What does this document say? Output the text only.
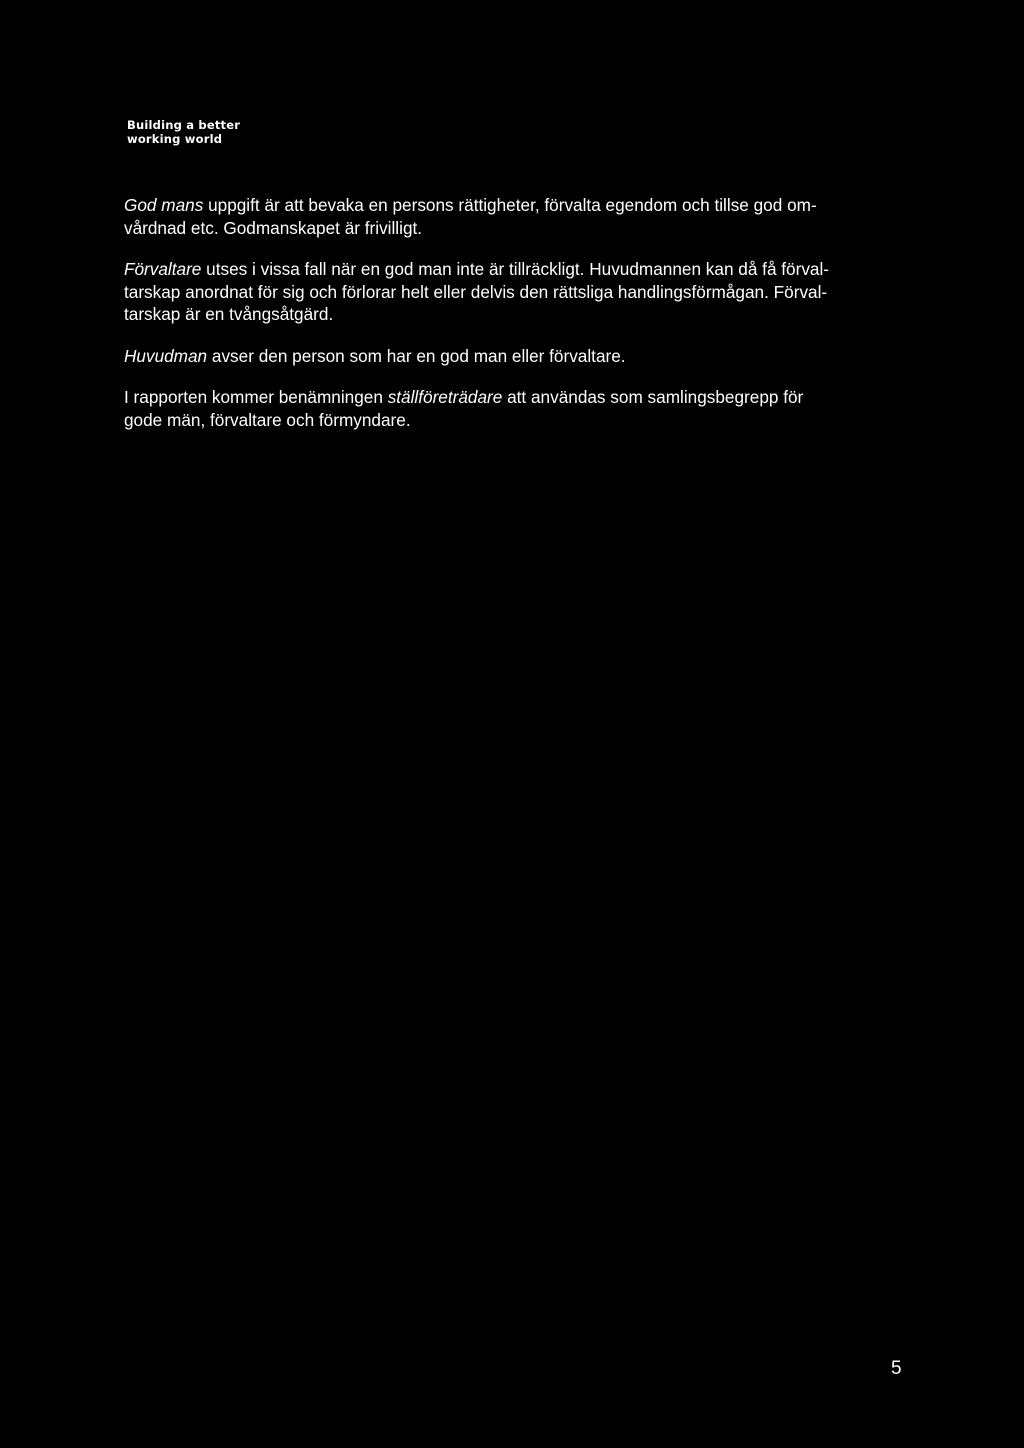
Building a better
working world

God mans uppgift är att bevaka en persons rättigheter, förvalta egendom och tillse god om-
vårdnad etc. Godmanskapet är frivilligt.

Förvaltare utses i vissa fall när en god man inte är tillräckligt. Huvudmannen kan då få förval-
tarskap anordnat för sig och förlorar helt eller delvis den rättsliga handlingsförmågan. Förval-
tarskap är en tvångsåtgärd.

Huvudman avser den person som har en god man eller förvaltare.

I rapporten kommer benämningen ställföreträdare att användas som samlingsbegrepp för
gode män, förvaltare och förmyndare.

5
